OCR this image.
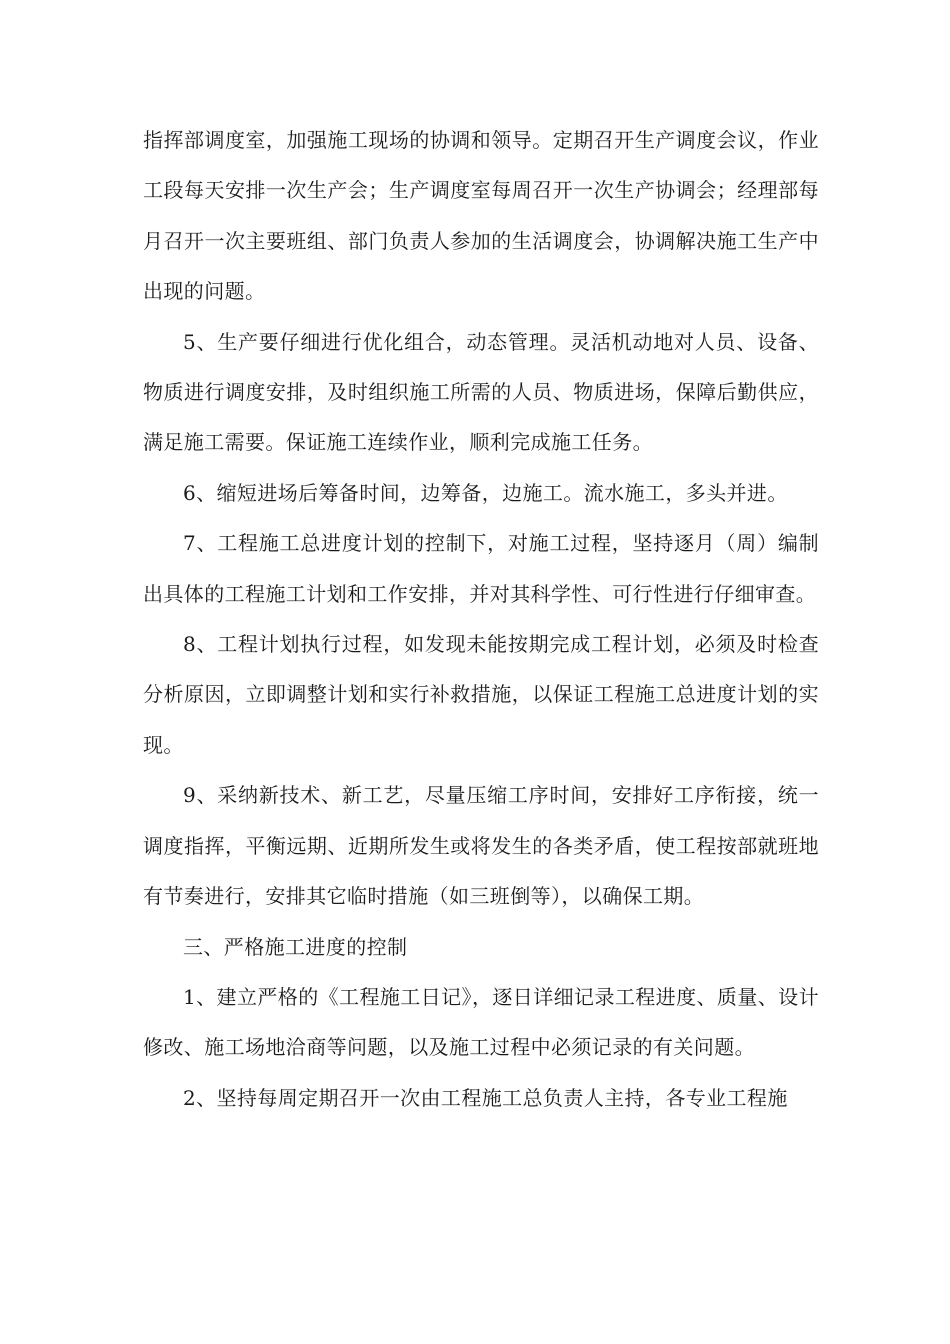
指挥部调度室，加强施工现场的协调和领导。定期召开生产调度会议，作业工段每天安排一次生产会；生产调度室每周召开一次生产协调会；经理部每月召开一次主要班组、部门负责人参加的生活调度会，协调解决施工生产中出现的问题。

5、生产要仔细进行优化组合，动态管理。灵活机动地对人员、设备、物质进行调度安排，及时组织施工所需的人员、物质进场，保障后勤供应，满足施工需要。保证施工连续作业，顺利完成施工任务。

6、缩短进场后筹备时间，边筹备，边施工。流水施工，多头并进。

7、工程施工总进度计划的控制下，对施工过程，坚持逐月（周）编制出具体的工程施工计划和工作安排，并对其科学性、可行性进行仔细审查。

8、工程计划执行过程，如发现未能按期完成工程计划，必须及时检查分析原因，立即调整计划和实行补救措施，以保证工程施工总进度计划的实现。

9、采纳新技术、新工艺，尽量压缩工序时间，安排好工序衔接，统一调度指挥，平衡远期、近期所发生或将发生的各类矛盾，使工程按部就班地有节奏进行，安排其它临时措施（如三班倒等），以确保工期。

三、严格施工进度的控制

1、建立严格的《工程施工日记》，逐日详细记录工程进度、质量、设计修改、施工场地洽商等问题，以及施工过程中必须记录的有关问题。

2、坚持每周定期召开一次由工程施工总负责人主持，各专业工程施
